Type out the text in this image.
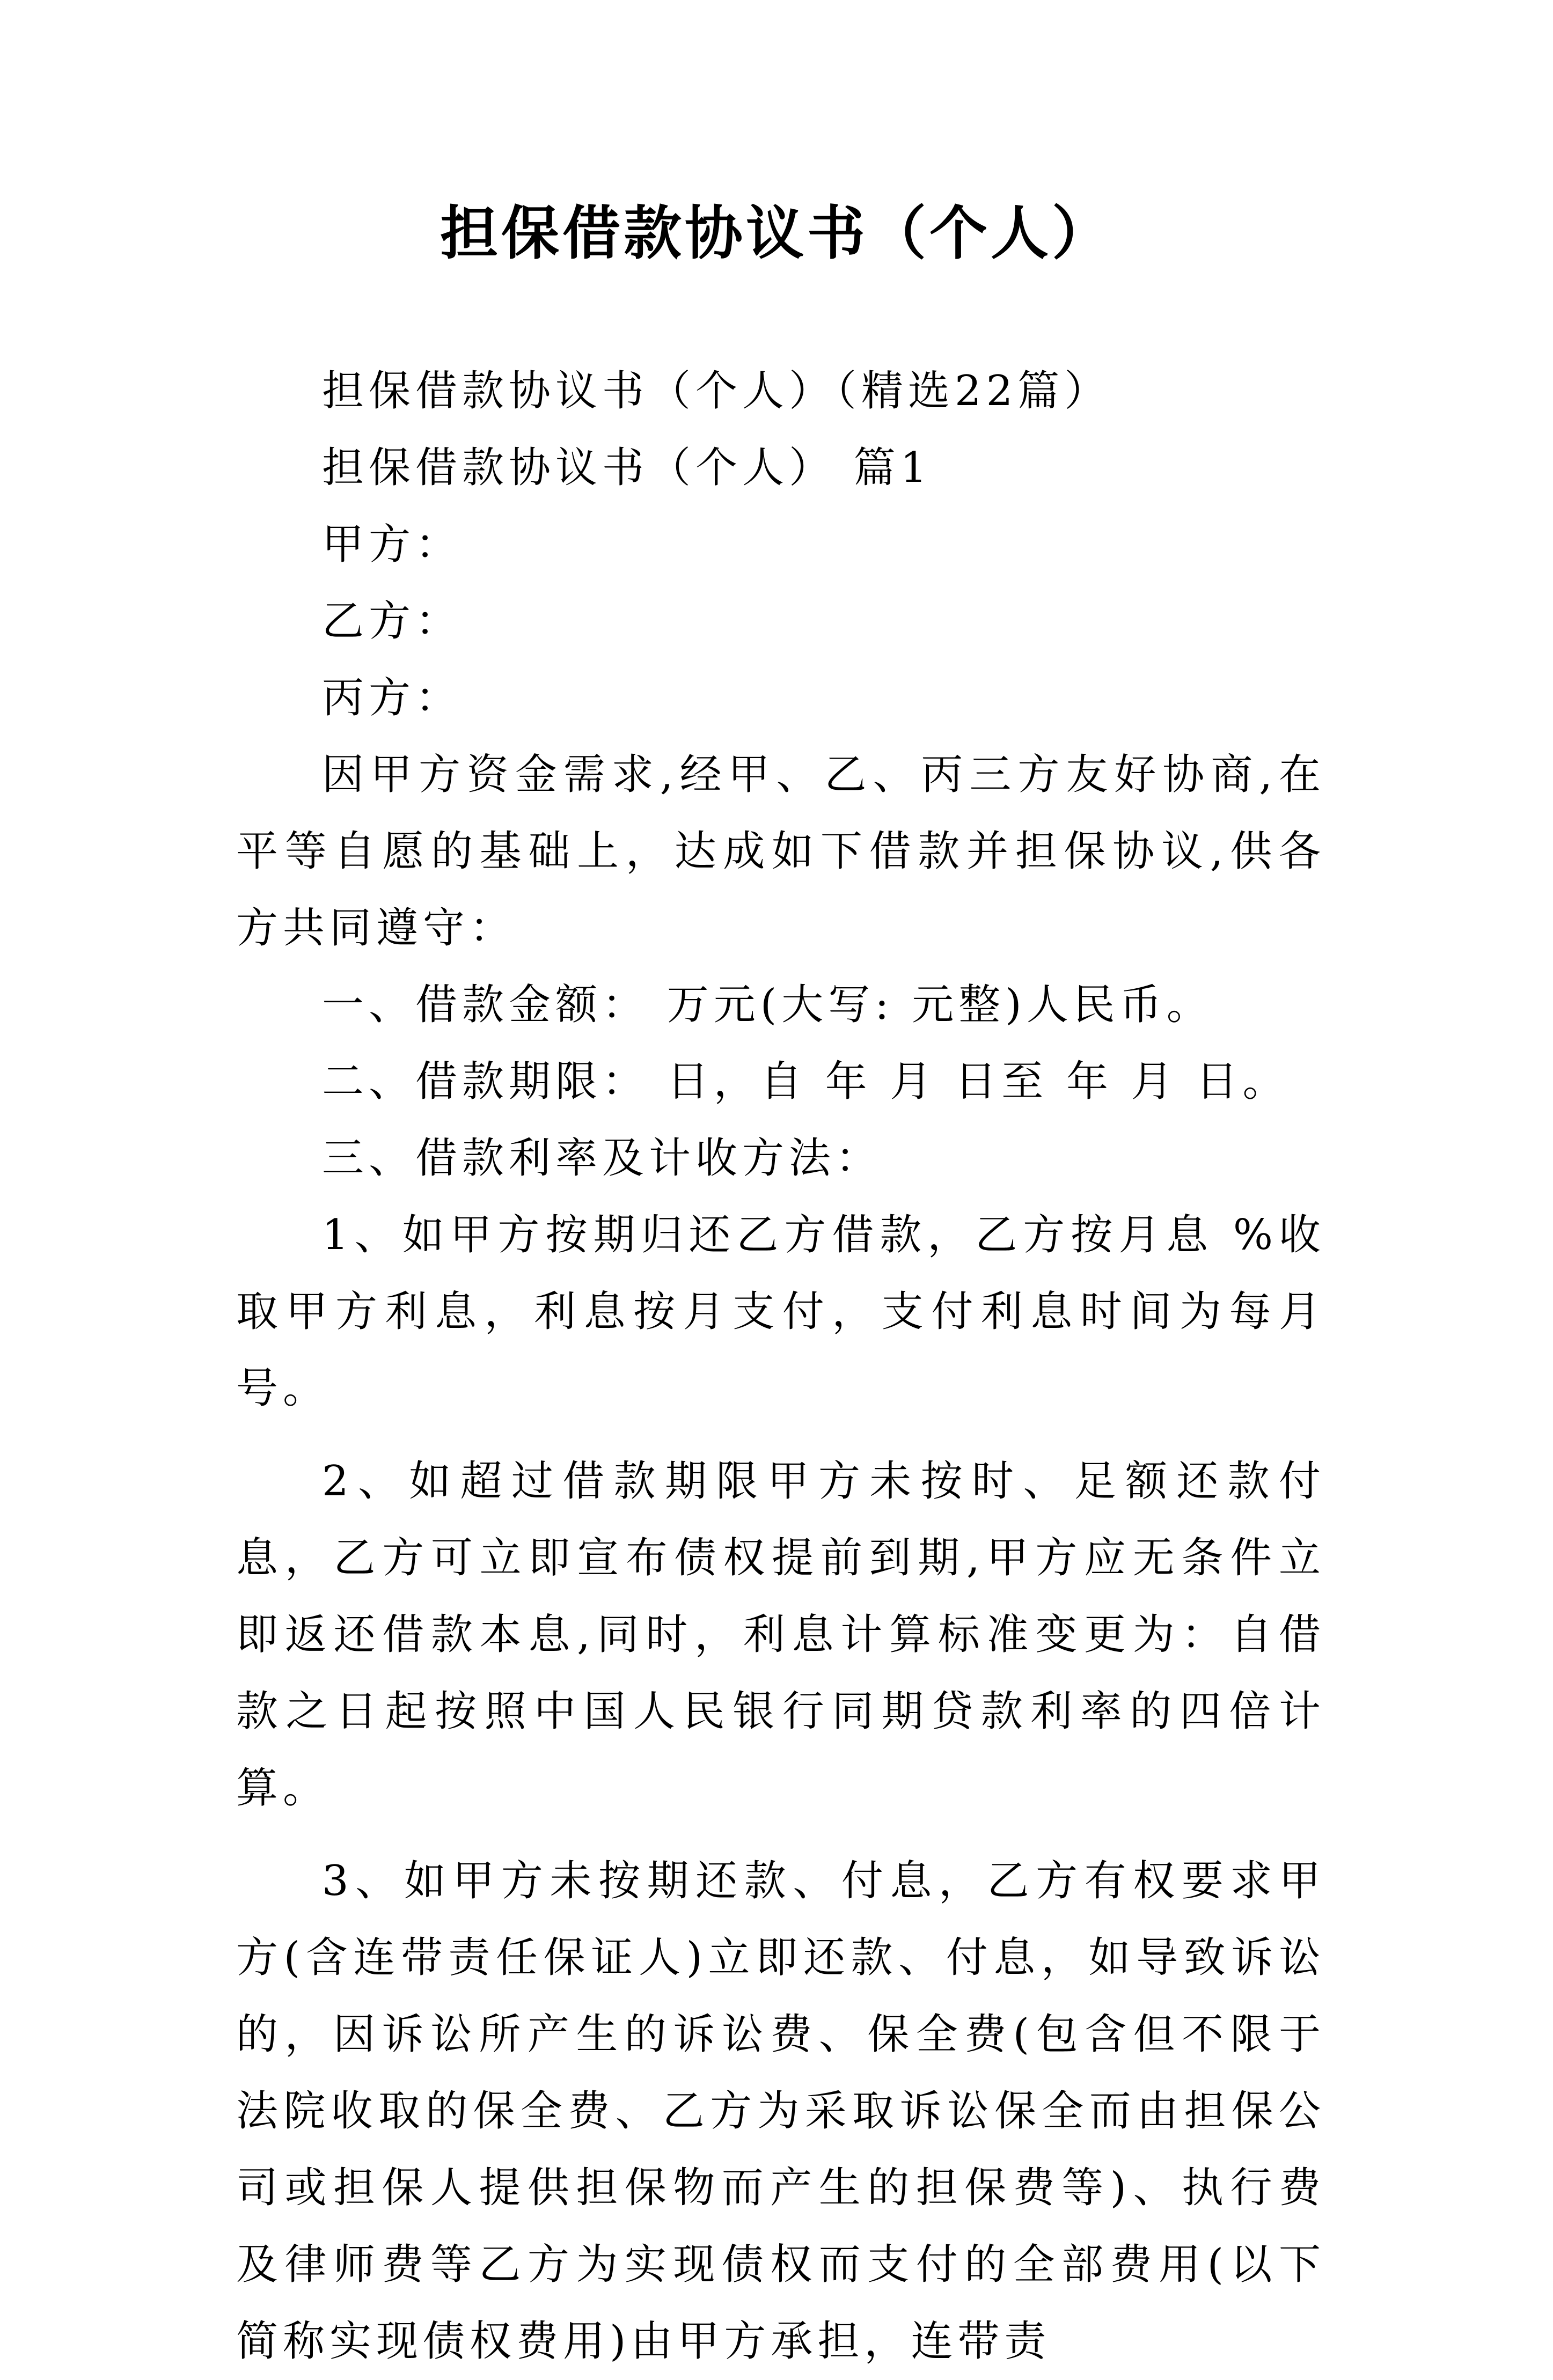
担保借款协议书（个人）

担保借款协议书（个人）（精选22篇）

担保借款协议书（个人） 篇1

甲方：

乙方：

丙方：

因甲方资金需求,经甲、乙、丙三方友好协商,在平等自愿的基础上，达成如下借款并担保协议,供各方共同遵守：

一、借款金额： 万元(大写: 元整)人民币。

二、借款期限： 日，自 年 月 日至 年 月 日。

三、借款利率及计收方法：

1、如甲方按期归还乙方借款，乙方按月息 %收取甲方利息，利息按月支付，支付利息时间为每月 号。

2、如超过借款期限甲方未按时、足额还款付息，乙方可立即宣布债权提前到期,甲方应无条件立即返还借款本息,同时，利息计算标准变更为：自借款之日起按照中国人民银行同期贷款利率的四倍计算。

3、如甲方未按期还款、付息，乙方有权要求甲方(含连带责任保证人)立即还款、付息，如导致诉讼的，因诉讼所产生的诉讼费、保全费(包含但不限于法院收取的保全费、乙方为采取诉讼保全而由担保公司或担保人提供担保物而产生的担保费等)、执行费及律师费等乙方为实现债权而支付的全部费用(以下简称实现债权费用)由甲方承担，连带责
